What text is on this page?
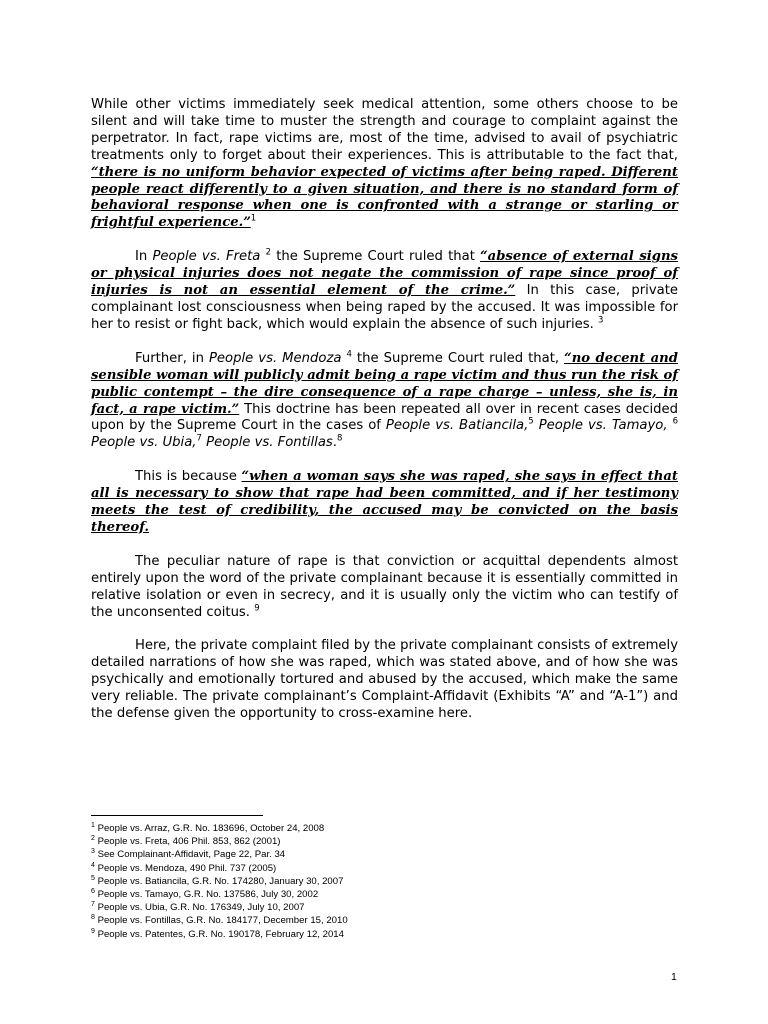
While other victims immediately seek medical attention, some others choose to be silent and will take time to muster the strength and courage to complaint against the perpetrator. In fact, rape victims are, most of the time, advised to avail of psychiatric treatments only to forget about their experiences. This is attributable to the fact that, “there is no uniform behavior expected of victims after being raped. Different people react differently to a given situation, and there is no standard form of behavioral response when one is confronted with a strange or starling or frightful experience.”$^1$

In People vs. Freta $^2$ the Supreme Court ruled that “absence of external signs or physical injuries does not negate the commission of rape since proof of injuries is not an essential element of the crime.” In this case, private complainant lost consciousness when being raped by the accused. It was impossible for her to resist or fight back, which would explain the absence of such injuries. $^3$

Further, in People vs. Mendoza $^4$ the Supreme Court ruled that, “no decent and sensible woman will publicly admit being a rape victim and thus run the risk of public contempt – the dire consequence of a rape charge – unless, she is, in fact, a rape victim.” This doctrine has been repeated all over in recent cases decided upon by the Supreme Court in the cases of People vs. Batiancila,$^5$ People vs. Tamayo, $^6$ People vs. Ubia,$^7$ People vs. Fontillas.$^8$

This is because “when a woman says she was raped, she says in effect that all is necessary to show that rape had been committed, and if her testimony meets the test of credibility, the accused may be convicted on the basis thereof.

The peculiar nature of rape is that conviction or acquittal dependents almost entirely upon the word of the private complainant because it is essentially committed in relative isolation or even in secrecy, and it is usually only the victim who can testify of the unconsented coitus. $^9$

Here, the private complaint filed by the private complainant consists of extremely detailed narrations of how she was raped, which was stated above, and of how she was psychically and emotionally tortured and abused by the accused, which make the same very reliable. The private complainant’s Complaint-Affidavit (Exhibits “A” and “A-1”) and the defense given the opportunity to cross-examine here.

$^1$ People vs. Arraz, G.R. No. 183696, October 24, 2008
$^2$ People vs. Freta, 406 Phil. 853, 862 (2001)
$^3$ See Complainant-Affidavit, Page 22, Par. 34
$^4$ People vs. Mendoza, 490 Phil. 737 (2005)
$^5$ People vs. Batiancila, G.R. No. 174280, January 30, 2007
$^6$ People vs. Tamayo, G.R. No. 137586, July 30, 2002
$^7$ People vs. Ubia, G.R. No. 176349, July 10, 2007
$^8$ People vs. Fontillas, G.R. No. 184177, December 15, 2010
$^9$ People vs. Patentes, G.R. No. 190178, February 12, 2014
1
